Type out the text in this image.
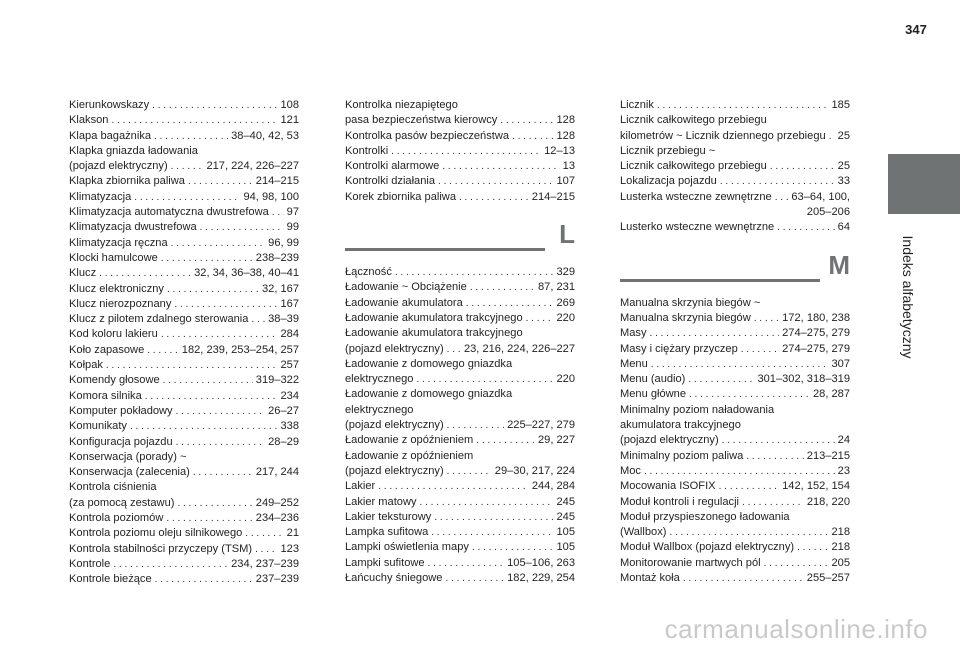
347
Indeks alfabetyczny
Kierunkowskazy . . .	108
Klakson . . .	121
Klapa bagażnika . . .	38–40, 42, 53
Klapka gniazda ładowania
(pojazd elektryczny) . . .	217, 224, 226–227
Klapka zbiornika paliwa . . .	214–215
Klimatyzacja . . .	94, 98, 100
Klimatyzacja automatyczna dwustrefowa . . . 97
Klimatyzacja dwustrefowa . . .	99
Klimatyzacja ręczna . . .	96, 99
Klocki hamulcowe . . .	238–239
Klucz . . .	32, 34, 36–38, 40–41
Klucz elektroniczny . . .	32, 167
Klucz nierozpoznany . . .	167
Klucz z pilotem zdalnego sterowania . . . 38–39
Kod koloru lakieru . . .	284
Koło zapasowe . . .	182, 239, 253–254, 257
Kołpak . . .	257
Komendy głosowe . . .	319–322
Komora silnika . . .	234
Komputer pokładowy . . .	26–27
Komunikaty . . .	338
Konfiguracja pojazdu . . .	28–29
Konserwacja (porady) ~
Konserwacja (zalecenia) . . .	217, 244
Kontrola ciśnienia
(za pomocą zestawu) . . .	249–252
Kontrola poziomów . . .	234–236
Kontrola poziomu oleju silnikowego . . .	21
Kontrola stabilności przyczepy (TSM) . . .	123
Kontrole . . .	234, 237–239
Kontrole bieżące . . .	237–239
Kontrolka niezapiętego
pasa bezpieczeństwa kierowcy . . .	128
Kontrolka pasów bezpieczeństwa . . .	128
Kontrolki . . .	12–13
Kontrolki alarmowe . . .	13
Kontrolki działania . . .	107
Korek zbiornika paliwa . . .	214–215
L
Łączność . . .	329
Ładowanie ~ Obciążenie . . .	87, 231
Ładowanie akumulatora . . .	269
Ładowanie akumulatora trakcyjnego . . .	220
Ładowanie akumulatora trakcyjnego
(pojazd elektryczny) . . . 23, 216, 224, 226–227
Ładowanie z domowego gniazdka
elektrycznego . . .	220
Ładowanie z domowego gniazdka
elektrycznego
(pojazd elektryczny) . . .	225–227, 279
Ładowanie z opóźnieniem . . .	29, 227
Ładowanie z opóźnieniem
(pojazd elektryczny) . . .	29–30, 217, 224
Lakier . . .	244, 284
Lakier matowy . . .	245
Lakier teksturowy . . .	245
Lampka sufitowa . . .	105
Lampki oświetlenia mapy . . .	105
Lampki sufitowe . . .	105–106, 263
Łańcuchy śniegowe . . .	182, 229, 254
Licznik . . .	185
Licznik całkowitego przebiegu
kilometrów ~ Licznik dziennego przebiegu . . . 25
Licznik przebiegu ~
Licznik całkowitego przebiegu . . .	25
Lokalizacja pojazdu . . .	33
Lusterka wsteczne zewnętrzne . . . 63–64, 100,
205–206
Lusterko wsteczne wewnętrzne . . .	64
M
Manualna skrzynia biegów ~
Manualna skrzynia biegów . . .	172, 180, 238
Masy . . .	274–275, 279
Masy i ciężary przyczep . . .	274–275, 279
Menu . . .	307
Menu (audio) . . .	301–302, 318–319
Menu główne . . .	28, 287
Minimalny poziom naładowania
akumulatora trakcyjnego
(pojazd elektryczny) . . .	24
Minimalny poziom paliwa . . .	213–215
Moc . . .	23
Mocowania ISOFIX . . .	142, 152, 154
Moduł kontroli i regulacji . . .	218, 220
Moduł przyspieszonego ładowania
(Wallbox) . . .	218
Moduł Wallbox (pojazd elektryczny) . . .	218
Monitorowanie martwych pól . . .	205
Montaż koła . . .	255–257
carmanualsonline.info
